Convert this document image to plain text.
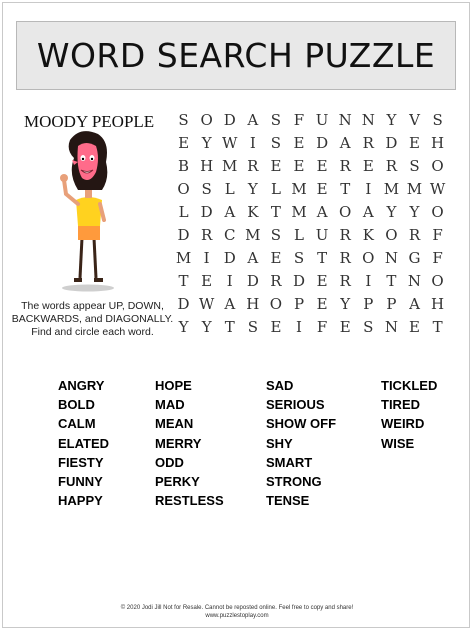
WORD SEARCH PUZZLE
MOODY PEOPLE
The words appear UP, DOWN,
BACKWARDS, and DIAGONALLY.
Find and circle each word.
S O D A S F U N N Y V S
E Y W I S E D A R D E H
B H M R E E E R E R S O
O S L Y L M E T	I M M W
L D A K T M A O A Y Y O
D R C M S L U R K O R F
M I D A E S T R O N G F
T E I D R D E R I	T N O
D W A H O P E Y P P A H
Y Y T S E I F E S N E T
ANGRY
BOLD
CALM
ELATED
FIESTY
FUNNY
HAPPY
HOPE
MAD
MEAN
MERRY
ODD
PERKY
RESTLESS
SAD
SERIOUS
SHOW OFF
SHY
SMART
STRONG
TENSE
TICKLED
TIRED
WEIRD
WISE
© 2020 Jodi Jill Not for Resale. Cannot be reposted online. Feel free to copy and share!
www.puzzlestoplay.com
